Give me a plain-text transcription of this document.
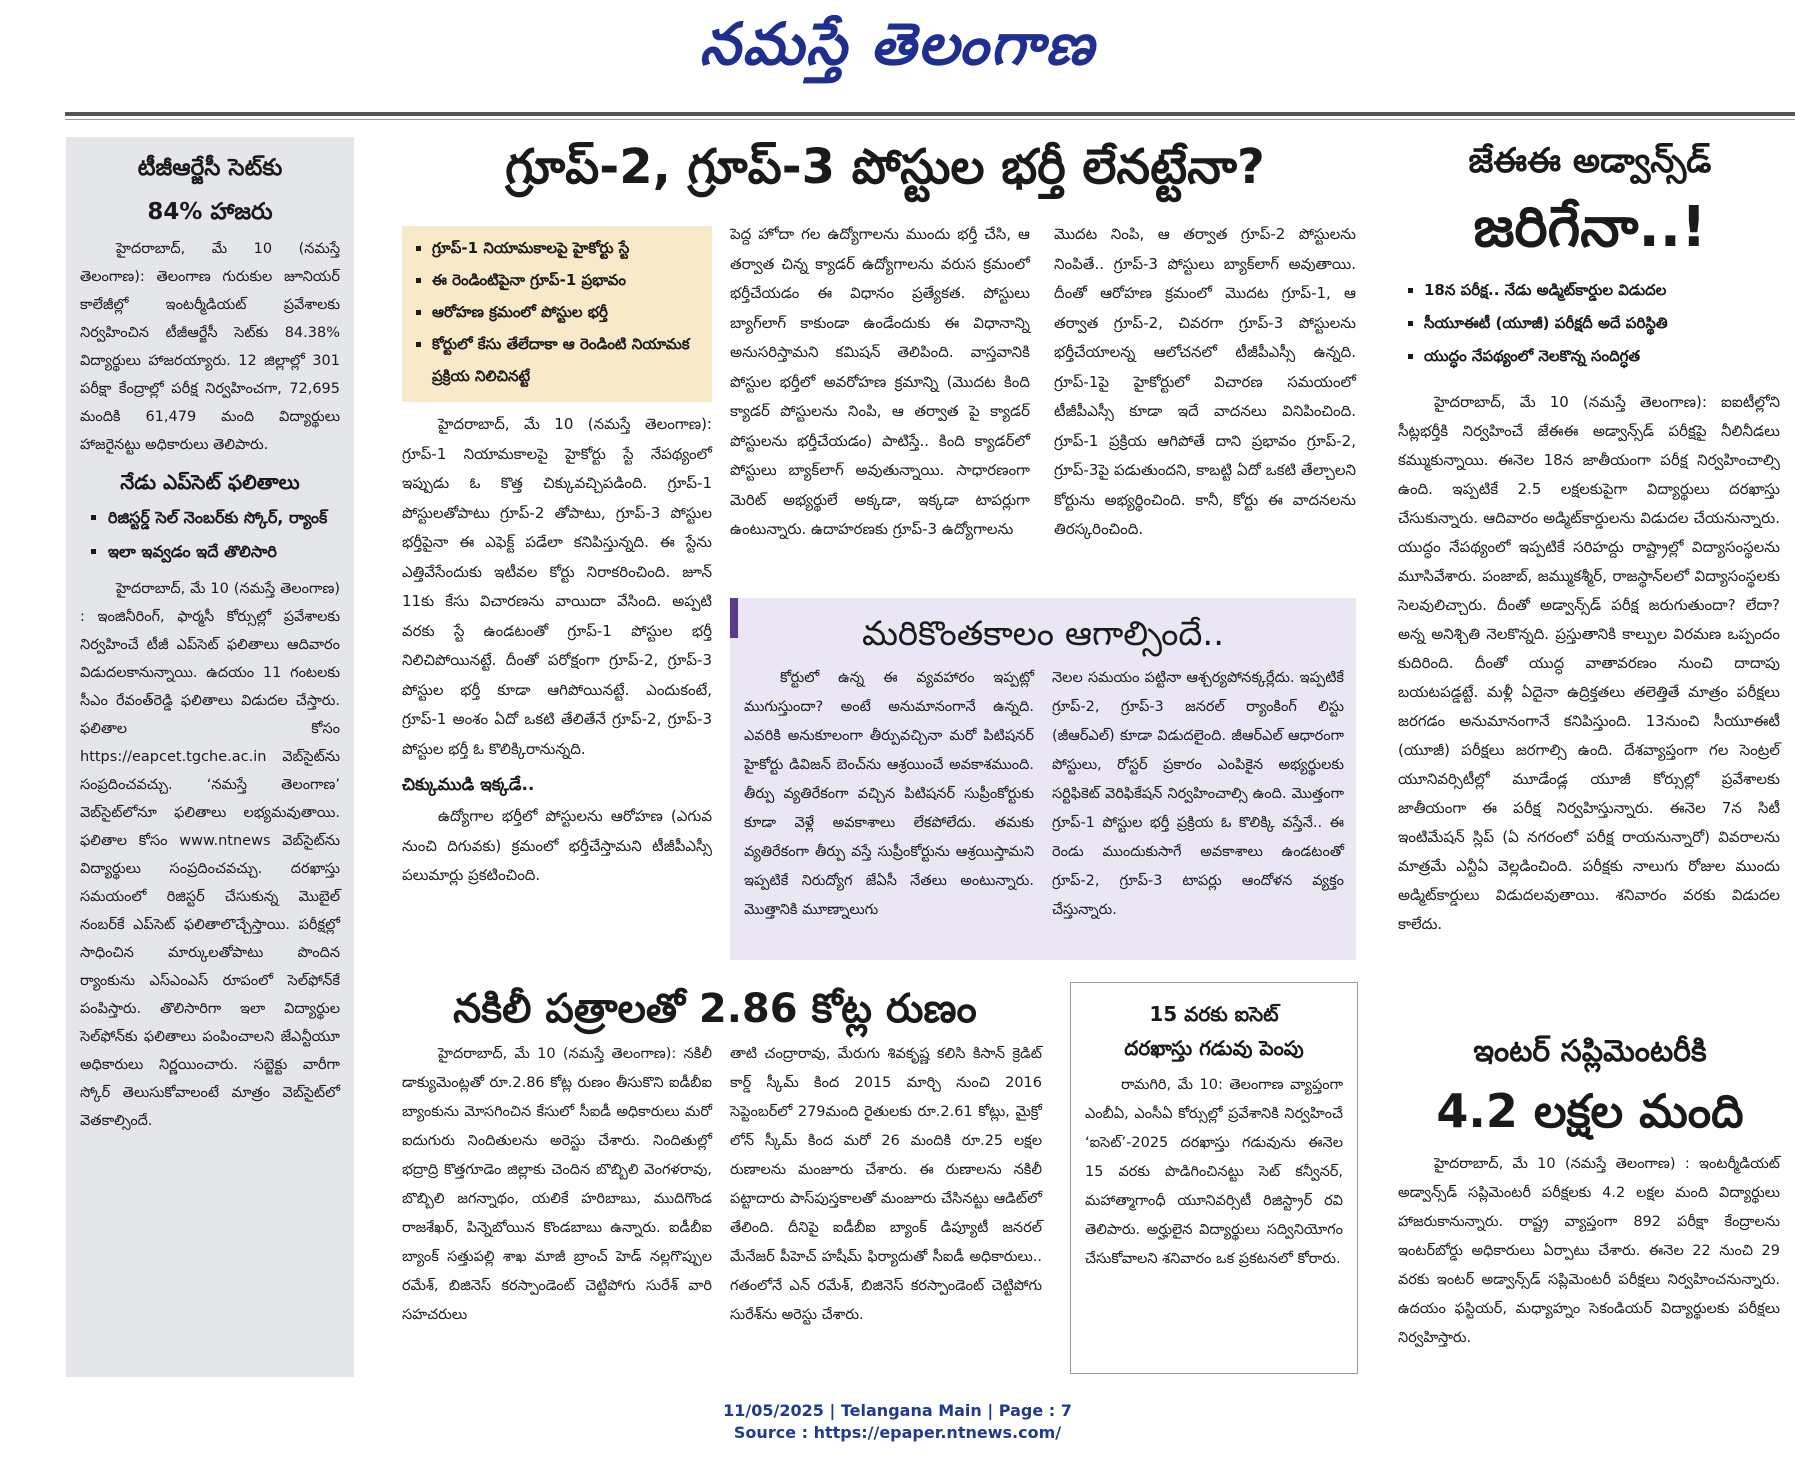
నమస్తే తెలంగాణ
టీజీఆర్జేసీ సెట్‌కు
84% హాజరు

హైదరాబాద్, మే 10 (నమస్తే తెలంగాణ): తెలంగాణ గురుకుల జూనియర్ కాలేజీల్లో ఇంటర్మీడియట్ ప్రవేశాలకు నిర్వహించిన టీజీఆర్జేసీ సెట్‌కు 84.38% విద్యార్థులు హాజరయ్యారు. 12 జిల్లాల్లో 301 పరీక్షా కేంద్రాల్లో పరీక్ష నిర్వహించగా, 72,695 మందికి 61,479 మంది విద్యార్థులు హాజరైనట్టు అధికారులు తెలిపారు.

నేడు ఎప్‌సెట్ ఫలితాలు
▪ రిజిస్టర్డ్ సెల్ నెంబర్‌కు స్కోర్, ర్యాంక్
▪ ఇలా ఇవ్వడం ఇదే తొలిసారి

హైదరాబాద్, మే 10 (నమస్తే తెలంగాణ) : ఇంజినీరింగ్, ఫార్మసీ కోర్సుల్లో ప్రవేశాలకు నిర్వహించే టీజీ ఎప్‌సెట్ ఫలితాలు ఆదివారం విడుదలకానున్నాయి. ఉదయం 11 గంటలకు సీఎం రేవంత్‌రెడ్డి ఫలితాలు విడుదల చేస్తారు. ఫలితాల కోసం https://eapcet.tgche.ac.in వెబ్‌సైట్‌ను సంప్రదించవచ్చు. ‘నమస్తే తెలంగాణ’ వెబ్‌సైట్‌లోనూ ఫలితాలు లభ్యమవుతాయి. ఫలితాల కోసం www.ntnews వెబ్‌సైట్‌ను విద్యార్థులు సంప్రదించవచ్చు. దరఖాస్తు సమయంలో రిజిస్టర్ చేసుకున్న మొబైల్ నంబర్‌కే ఎప్‌సెట్ ఫలితాలొచ్చేస్తాయి. పరీక్షల్లో సాధించిన మార్కులతోపాటు పొందిన ర్యాంకును ఎస్‌ఎంఎస్ రూపంలో సెల్‌ఫోన్‌కే పంపిస్తారు. తొలిసారిగా ఇలా విద్యార్థుల సెల్‌ఫోన్‌కు ఫలితాలు పంపించాలని జేఎన్టీయూ అధికారులు నిర్ణయించారు. సబ్జెక్టు వారీగా స్కోర్ తెలుసుకోవాలంటే మాత్రం వెబ్‌సైట్‌లో వెతకాల్సిందే.

గ్రూప్-2, గ్రూప్-3 పోస్టుల భర్తీ లేనట్టేనా?
▪ గ్రూప్-1 నియామకాలపై హైకోర్టు స్టే
▪ ఈ రెండింటిపైనా గ్రూప్-1 ప్రభావం
▪ ఆరోహణ క్రమంలో పోస్టుల భర్తీ
▪ కోర్టులో కేసు తేలేదాకా ఆ రెండింటి నియామక ప్రక్రియ నిలిచినట్టే

హైదరాబాద్, మే 10 (నమస్తే తెలంగాణ): గ్రూప్-1 నియామకాలపై హైకోర్టు స్టే నేపథ్యంలో ఇప్పుడు ఓ కొత్త చిక్కువచ్చిపడింది. గ్రూప్-1 పోస్టులతోపాటు గ్రూప్-2 తోపాటు, గ్రూప్-3 పోస్టుల భర్తీపైనా ఈ ఎఫెక్ట్ పడేలా కనిపిస్తున్నది. ఈ స్టేను ఎత్తివేసేందుకు ఇటీవల కోర్టు నిరాకరించింది. జూన్ 11కు కేసు విచారణను వాయిదా వేసింది. అప్పటి వరకు స్టే ఉండటంతో గ్రూప్-1 పోస్టుల భర్తీ నిలిచిపోయినట్టే. దీంతో పరోక్షంగా గ్రూప్-2, గ్రూప్-3 పోస్టుల భర్తీ కూడా ఆగిపోయినట్టే. ఎందుకంటే, గ్రూప్-1 అంశం ఏదో ఒకటి తేలితేనే గ్రూప్-2, గ్రూప్-3 పోస్టుల భర్తీ ఓ కొలిక్కిరానున్నది.

చిక్కుముడి ఇక్కడే..

ఉద్యోగాల భర్తీలో పోస్టులను ఆరోహణ (ఎగువ నుంచి దిగువకు) క్రమంలో భర్తీచేస్తామని టీజీపీఎస్సీ పలుమార్లు ప్రకటించింది.

పెద్ద హోదా గల ఉద్యోగాలను ముందు భర్తీ చేసి, ఆ తర్వాత చిన్న క్యాడర్ ఉద్యోగాలను వరుస క్రమంలో భర్తీచేయడం ఈ విధానం ప్రత్యేకత. పోస్టులు బ్యాగ్‌లాగ్ కాకుండా ఉండేందుకు ఈ విధానాన్ని అనుసరిస్తామని కమిషన్ తెలిపింది. వాస్తవానికి పోస్టుల భర్తీలో అవరోహణ క్రమాన్ని (మొదట కింది క్యాడర్ పోస్టులను నింపి, ఆ తర్వాత పై క్యాడర్ పోస్టులను భర్తీచేయడం) పాటిస్తే.. కింది క్యాడర్‌లో పోస్టులు బ్యాక్‌లాగ్ అవుతున్నాయి. సాధారణంగా మెరిట్ అభ్యర్థులే అక్కడా, ఇక్కడా టాపర్లుగా ఉంటున్నారు. ఉదాహరణకు గ్రూప్-3 ఉద్యోగాలను

మొదట నింపి, ఆ తర్వాత గ్రూప్-2 పోస్టులను నింపితే.. గ్రూప్-3 పోస్టులు బ్యాక్‌లాగ్ అవుతాయి. దీంతో ఆరోహణ క్రమంలో మొదట గ్రూప్-1, ఆ తర్వాత గ్రూప్-2, చివరగా గ్రూప్-3 పోస్టులను భర్తీచేయాలన్న ఆలోచనలో టీజీపీఎస్సీ ఉన్నది. గ్రూప్-1పై హైకోర్టులో విచారణ సమయంలో టీజీపీఎస్సీ కూడా ఇదే వాదనలు వినిపించింది. గ్రూప్-1 ప్రక్రియ ఆగిపోతే దాని ప్రభావం గ్రూప్-2, గ్రూప్-3పై పడుతుందని, కాబట్టి ఏదో ఒకటి తేల్చాలని కోర్టును అభ్యర్థించింది. కానీ, కోర్టు ఈ వాదనలను తిరస్కరించింది.

మరికొంతకాలం ఆగాల్సిందే..

కోర్టులో ఉన్న ఈ వ్యవహారం ఇప్పట్లో ముగుస్తుందా? అంటే అనుమానంగానే ఉన్నది. ఎవరికి అనుకూలంగా తీర్పువచ్చినా మరో పిటిషనర్ హైకోర్టు డివిజన్ బెంచ్‌ను ఆశ్రయించే అవకాశముంది. తీర్పు వ్యతిరేకంగా వచ్చిన పిటిషనర్ సుప్రీంకోర్టుకు కూడా వెళ్లే అవకాశాలు లేకపోలేదు. తమకు వ్యతిరేకంగా తీర్పు వస్తే సుప్రీంకోర్టును ఆశ్రయిస్తామని ఇప్పటికే నిరుద్యోగ జేఏసీ నేతలు అంటున్నారు. మొత్తానికి మూణ్నాలుగు

నెలల సమయం పట్టినా ఆశ్చర్యపోనక్కర్లేదు. ఇప్పటికే గ్రూప్-2, గ్రూప్-3 జనరల్ ర్యాంకింగ్ లిస్టు (జీఆర్‌ఎల్) కూడా విడుదలైంది. జీఆర్‌ఎల్ ఆధారంగా పోస్టులు, రోస్టర్ ప్రకారం ఎంపికైన అభ్యర్థులకు సర్టిఫికెట్ వెరిఫికేషన్ నిర్వహించాల్సి ఉంది. మొత్తంగా గ్రూప్-1 పోస్టుల భర్తీ ప్రక్రియ ఓ కొలిక్కి వస్తేనే.. ఈ రెండు ముందుకుసాగే అవకాశాలు ఉండటంతో గ్రూప్-2, గ్రూప్-3 టాపర్లు ఆందోళన వ్యక్తం చేస్తున్నారు.

నకిలీ పత్రాలతో 2.86 కోట్ల రుణం

హైదరాబాద్, మే 10 (నమస్తే తెలంగాణ): నకిలీ డాక్యుమెంట్లతో రూ.2.86 కోట్ల రుణం తీసుకొని ఐడీబీఐ బ్యాంకును మోసగించిన కేసులో సీఐడీ అధికారులు మరో ఐదుగురు నిందితులను అరెస్టు చేశారు. నిందితుల్లో భద్రాద్రి కొత్తగూడెం జిల్లాకు చెందిన బొబ్బిలి వెంగళరావు, బొబ్బిలి జగన్నాథం, యలికే హరిబాబు, ముదిగొండ రాజశేఖర్, పిన్నెబోయిన కొండబాబు ఉన్నారు. ఐడీబీఐ బ్యాంక్ సత్తుపల్లి శాఖ మాజీ బ్రాంచ్ హెడ్ నల్లగొప్పుల రమేశ్, బిజినెస్ కరస్పాండెంట్ చెట్టిపోగు సురేశ్ వారి సహచరులు

తాటి చంద్రారావు, మేరుగు శివకృష్ణ కలిసి కిసాన్ క్రెడిట్ కార్డ్ స్కీమ్ కింద 2015 మార్చి నుంచి 2016 సెప్టెంబర్‌లో 279మంది రైతులకు రూ.2.61 కోట్లు, మైక్రో లోన్ స్కీమ్ కింద మరో 26 మందికి రూ.25 లక్షల రుణాలను మంజూరు చేశారు. ఈ రుణాలను నకిలీ పట్టాదారు పాస్‌పుస్తకాలతో మంజూరు చేసినట్టు ఆడిట్‌లో తేలింది. దీనిపై ఐడీబీఐ బ్యాంక్ డిప్యూటీ జనరల్ మేనేజర్ పీహెచ్ హషీమ్ ఫిర్యాదుతో సీఐడీ అధికారులు.. గతంలోనే ఎన్ రమేశ్, బిజినెస్ కరస్పాండెంట్ చెట్టిపోగు సురేశ్‌ను అరెస్టు చేశారు.

15 వరకు ఐసెట్
దరఖాస్తు గడువు పెంపు

రామగిరి, మే 10: తెలంగాణ వ్యాప్తంగా ఎంబీఏ, ఎంసీఏ కోర్సుల్లో ప్రవేశానికి నిర్వహించే ‘ఐసెట్’-2025 దరఖాస్తు గడువును ఈనెల 15 వరకు పొడిగించినట్టు సెట్ కన్వీనర్, మహాత్మాగాంధీ యూనివర్సిటీ రిజిస్ట్రార్ రవి తెలిపారు. అర్హులైన విద్యార్థులు సద్వినియోగం చేసుకోవాలని శనివారం ఒక ప్రకటనలో కోరారు.

జేఈఈ అడ్వాన్స్‌డ్
జరిగేనా..!
▪ 18న పరీక్ష.. నేడు అడ్మిట్‌కార్డుల విడుదల
▪ సీయూఈటీ (యూజీ) పరీక్షదీ అదే పరిస్థితి
▪ యుద్ధం నేపథ్యంలో నెలకొన్న సందిగ్ధత

హైదరాబాద్, మే 10 (నమస్తే తెలంగాణ): ఐఐటీల్లోని సీట్లభర్తీకి నిర్వహించే జేఈఈ అడ్వాన్స్‌డ్ పరీక్షపై నీలినీడలు కమ్ముకున్నాయి. ఈనెల 18న జాతీయంగా పరీక్ష నిర్వహించాల్సి ఉంది. ఇప్పటికే 2.5 లక్షలకుపైగా విద్యార్థులు దరఖాస్తు చేసుకున్నారు. ఆదివారం అడ్మిట్‌కార్డులను విడుదల చేయనున్నారు. యుద్ధం నేపథ్యంలో ఇప్పటికే సరిహద్దు రాష్ట్రాల్లో విద్యాసంస్థలను మూసివేశారు. పంజాబ్, జమ్ముకశ్మీర్, రాజస్థాన్‌లలో విద్యాసంస్థలకు సెలవులిచ్చారు. దీంతో అడ్వాన్స్‌డ్ పరీక్ష జరుగుతుందా? లేదా? అన్న అనిశ్చితి నెలకొన్నది. ప్రస్తుతానికి కాల్పుల విరమణ ఒప్పందం కుదిరింది. దీంతో యుద్ధ వాతావరణం నుంచి దాదాపు బయటపడ్డట్టే. మళ్లీ ఏదైనా ఉద్రిక్తతలు తలెత్తితే మాత్రం పరీక్షలు జరగడం అనుమానంగానే కనిపిస్తుంది. 13నుంచి సీయూఈటీ (యూజీ) పరీక్షలు జరగాల్సి ఉంది. దేశవ్యాప్తంగా గల సెంట్రల్ యూనివర్సిటీల్లో మూడేండ్ల యూజీ కోర్సుల్లో ప్రవేశాలకు జాతీయంగా ఈ పరీక్ష నిర్వహిస్తున్నారు. ఈనెల 7న సిటీ ఇంటిమేషన్ స్లిప్ (ఏ నగరంలో పరీక్ష రాయనున్నారో) వివరాలను మాత్రమే ఎన్టీఏ వెల్లడించింది. పరీక్షకు నాలుగు రోజుల ముందు అడ్మిట్‌కార్డులు విడుదలవుతాయి. శనివారం వరకు విడుదల కాలేదు.

ఇంటర్ సప్లిమెంటరీకి
4.2 లక్షల మంది

హైదరాబాద్, మే 10 (నమస్తే తెలంగాణ) : ఇంటర్మీడియట్ అడ్వాన్స్‌డ్ సప్లిమెంటరీ పరీక్షలకు 4.2 లక్షల మంది విద్యార్థులు హాజరుకానున్నారు. రాష్ట్ర వ్యాప్తంగా 892 పరీక్షా కేంద్రాలను ఇంటర్‌బోర్డు అధికారులు ఏర్పాటు చేశారు. ఈనెల 22 నుంచి 29 వరకు ఇంటర్ అడ్వాన్స్‌డ్ సప్లిమెంటరీ పరీక్షలు నిర్వహించనున్నారు. ఉదయం ఫస్టియర్, మధ్యాహ్నం సెకండియర్ విద్యార్థులకు పరీక్షలు నిర్వహిస్తారు.

11/05/2025 | Telangana Main | Page : 7
Source : https://epaper.ntnews.com/
